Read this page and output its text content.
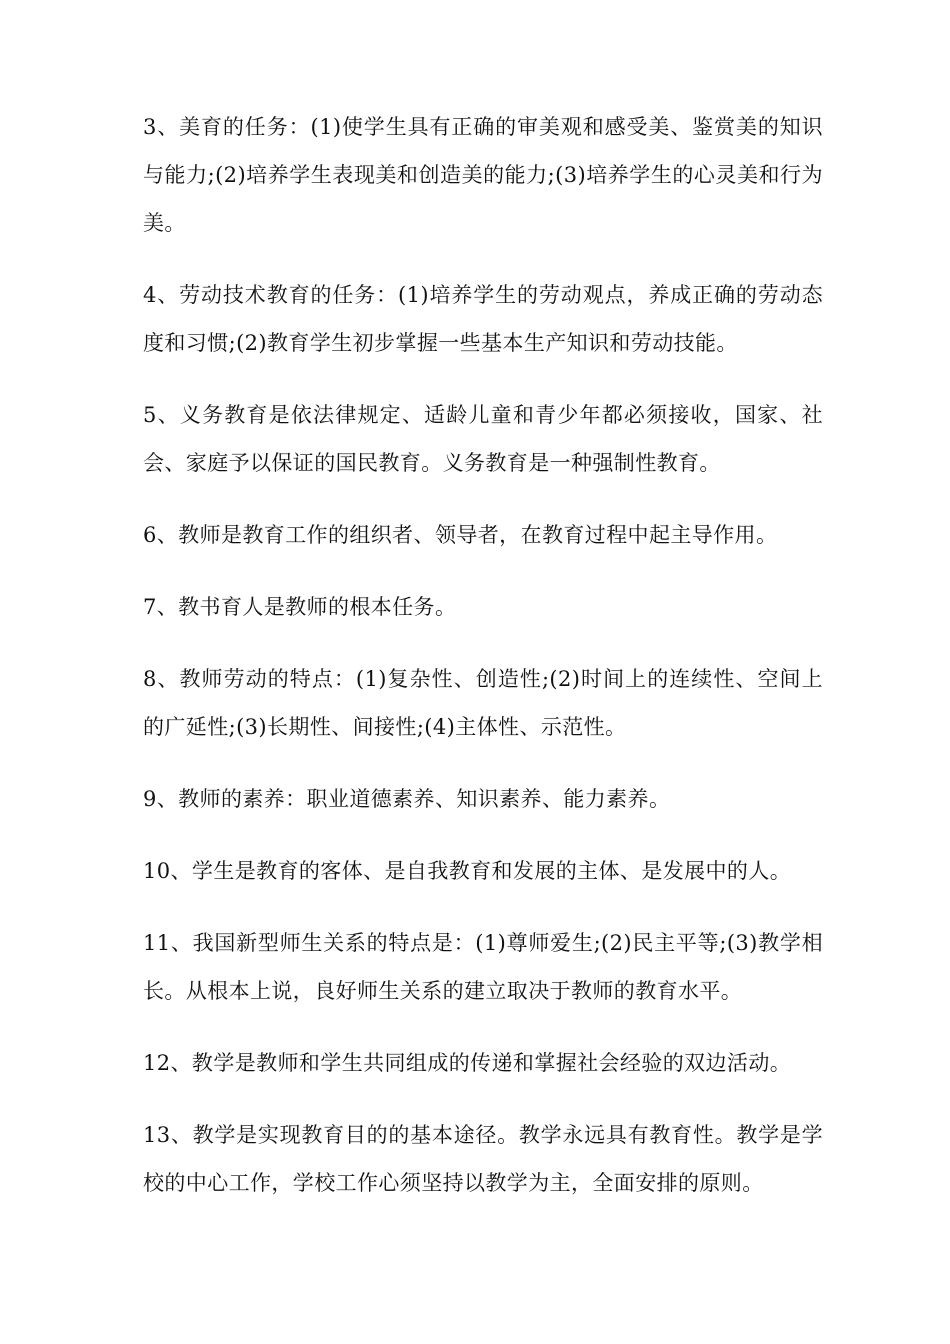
3、美育的任务：(1)使学生具有正确的审美观和感受美、鉴赏美的知识与能力;(2)培养学生表现美和创造美的能力;(3)培养学生的心灵美和行为美。

4、劳动技术教育的任务：(1)培养学生的劳动观点，养成正确的劳动态度和习惯;(2)教育学生初步掌握一些基本生产知识和劳动技能。

5、义务教育是依法律规定、适龄儿童和青少年都必须接收，国家、社会、家庭予以保证的国民教育。义务教育是一种强制性教育。

6、教师是教育工作的组织者、领导者，在教育过程中起主导作用。

7、教书育人是教师的根本任务。

8、教师劳动的特点：(1)复杂性、创造性;(2)时间上的连续性、空间上的广延性;(3)长期性、间接性;(4)主体性、示范性。

9、教师的素养：职业道德素养、知识素养、能力素养。

10、学生是教育的客体、是自我教育和发展的主体、是发展中的人。

11、我国新型师生关系的特点是：(1)尊师爱生;(2)民主平等;(3)教学相长。从根本上说，良好师生关系的建立取决于教师的教育水平。

12、教学是教师和学生共同组成的传递和掌握社会经验的双边活动。

13、教学是实现教育目的的基本途径。教学永远具有教育性。教学是学校的中心工作，学校工作心须坚持以教学为主，全面安排的原则。
